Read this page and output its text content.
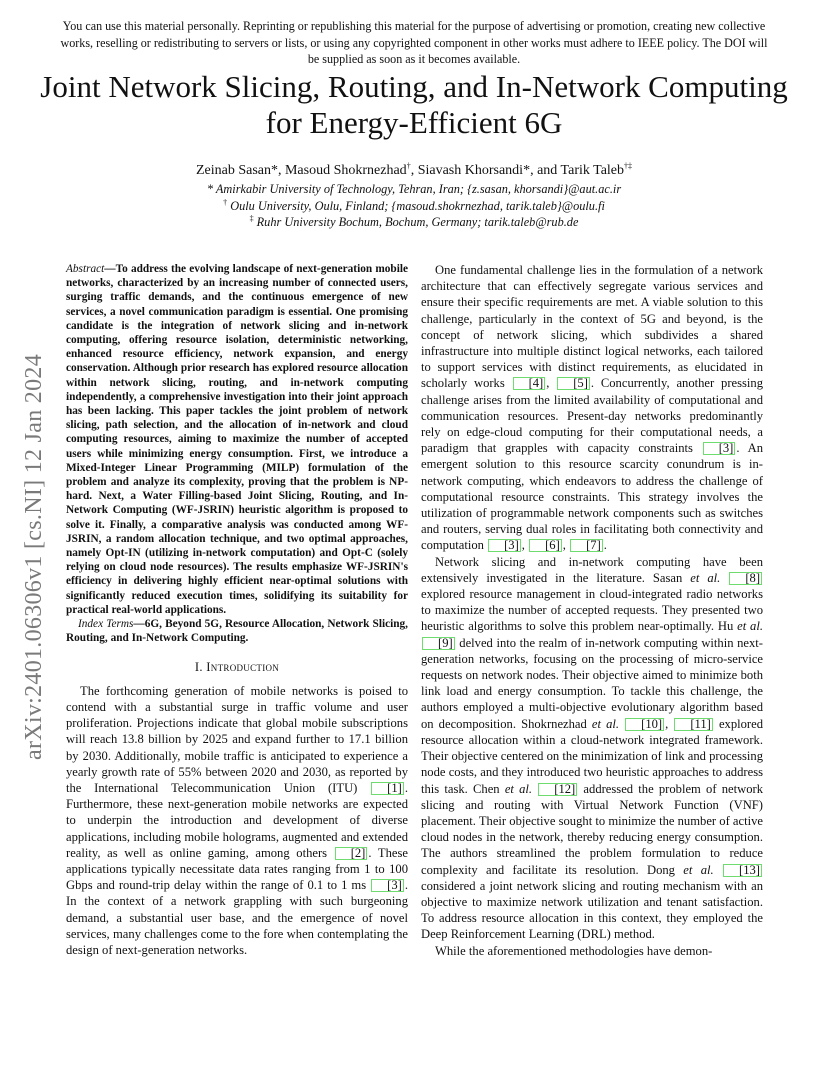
You can use this material personally. Reprinting or republishing this material for the purpose of advertising or promotion, creating new collective works, reselling or redistributing to servers or lists, or using any copyrighted component in other works must adhere to IEEE policy. The DOI will be supplied as soon as it becomes available.
Joint Network Slicing, Routing, and In-Network Computing for Energy-Efficient 6G
Zeinab Sasan*, Masoud Shokrnezhad†, Siavash Khorsandi*, and Tarik Taleb†‡
* Amirkabir University of Technology, Tehran, Iran; {z.sasan, khorsandi}@aut.ac.ir
† Oulu University, Oulu, Finland; {masoud.shokrnezhad, tarik.taleb}@oulu.fi
‡ Ruhr University Bochum, Bochum, Germany; tarik.taleb@rub.de
arXiv:2401.06306v1 [cs.NI] 12 Jan 2024

Abstract—To address the evolving landscape of next-generation mobile networks, characterized by an increasing number of connected users, surging traffic demands, and the continuous emergence of new services, a novel communication paradigm is essential. One promising candidate is the integration of network slicing and in-network computing, offering resource isolation, deterministic networking, enhanced resource efficiency, network expansion, and energy conservation. Although prior research has explored resource allocation within network slicing, routing, and in-network computing independently, a comprehensive investigation into their joint approach has been lacking. This paper tackles the joint problem of network slicing, path selection, and the allocation of in-network and cloud computing resources, aiming to maximize the number of accepted users while minimizing energy consumption. First, we introduce a Mixed-Integer Linear Programming (MILP) formulation of the problem and analyze its complexity, proving that the problem is NP-hard. Next, a Water Filling-based Joint Slicing, Routing, and In-Network Computing (WF-JSRIN) heuristic algorithm is proposed to solve it. Finally, a comparative analysis was conducted among WF-JSRIN, a random allocation technique, and two optimal approaches, namely Opt-IN (utilizing in-network computation) and Opt-C (solely relying on cloud node resources). The results emphasize WF-JSRIN's efficiency in delivering highly efficient near-optimal solutions with significantly reduced execution times, solidifying its suitability for practical real-world applications.

Index Terms—6G, Beyond 5G, Resource Allocation, Network Slicing, Routing, and In-Network Computing.

I. Introduction

The forthcoming generation of mobile networks is poised to contend with a substantial surge in traffic volume and user proliferation. Projections indicate that global mobile subscriptions will reach 13.8 billion by 2025 and expand further to 17.1 billion by 2030. Additionally, mobile traffic is anticipated to experience a yearly growth rate of 55% between 2020 and 2030, as reported by the International Telecommunication Union (ITU) [1] . Furthermore, these next-generation mobile networks are expected to underpin the introduction and development of diverse applications, including mobile holograms, augmented and extended reality, as well as online gaming, among others [2] . These applications typically necessitate data rates ranging from 1 to 100 Gbps and round-trip delay within the range of 0.1 to 1 ms [3] . In the context of a network grappling with such burgeoning demand, a substantial user base, and the emergence of novel services, many challenges come to the fore when contemplating the design of next-generation networks.

One fundamental challenge lies in the formulation of a network architecture that can effectively segregate various services and ensure their specific requirements are met. A viable solution to this challenge, particularly in the context of 5G and beyond, is the concept of network slicing, which subdivides a shared infrastructure into multiple distinct logical networks, each tailored to support services with distinct requirements, as elucidated in scholarly works [4] , [5] . Concurrently, another pressing challenge arises from the limited availability of computational and communication resources. Present-day networks predominantly rely on edge-cloud computing for their computational needs, a paradigm that grapples with capacity constraints [3] . An emergent solution to this resource scarcity conundrum is in-network computing, which endeavors to address the challenge of computational resource constraints. This strategy involves the utilization of programmable network components such as switches and routers, serving dual roles in facilitating both connectivity and computation [3] , [6] , [7] .

Network slicing and in-network computing have been extensively investigated in the literature. Sasan et al. [8] explored resource management in cloud-integrated radio networks to maximize the number of accepted requests. They presented two heuristic algorithms to solve this problem near-optimally. Hu et al. [9] delved into the realm of in-network computing within next-generation networks, focusing on the processing of micro-service requests on network nodes. Their objective aimed to minimize both link load and energy consumption. To tackle this challenge, the authors employed a multi-objective evolutionary algorithm based on decomposition. Shokrnezhad et al. [10] , [11] explored resource allocation within a cloud-network integrated framework. Their objective centered on the minimization of link and processing node costs, and they introduced two heuristic approaches to address this task. Chen et al. [12] addressed the problem of network slicing and routing with Virtual Network Function (VNF) placement. Their objective sought to minimize the number of active cloud nodes in the network, thereby reducing energy consumption. The authors streamlined the problem formulation to reduce complexity and facilitate its resolution. Dong et al. [13] considered a joint network slicing and routing mechanism with an objective to maximize network utilization and tenant satisfaction. To address resource allocation in this context, they employed the Deep Reinforcement Learning (DRL) method.

While the aforementioned methodologies have demon-
